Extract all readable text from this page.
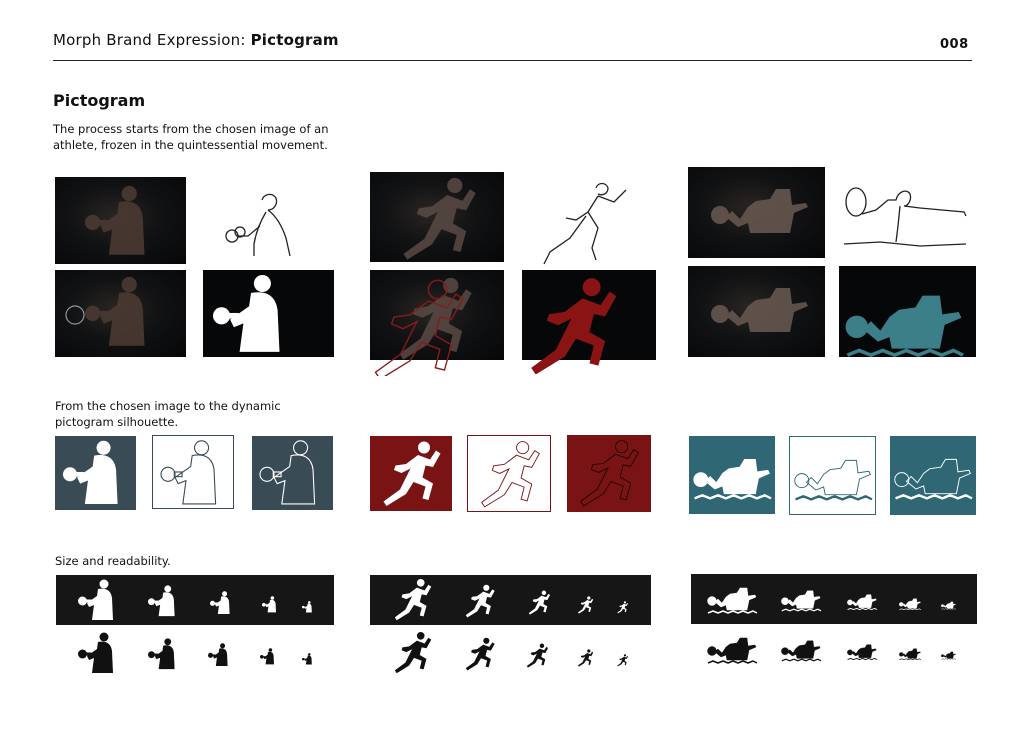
Morph Brand Expression: Pictogram	008
Pictogram
The process starts from the chosen image of an athlete, frozen in the quintessential movement.
From the chosen image to the dynamic pictogram silhouette.
Size and readability.
